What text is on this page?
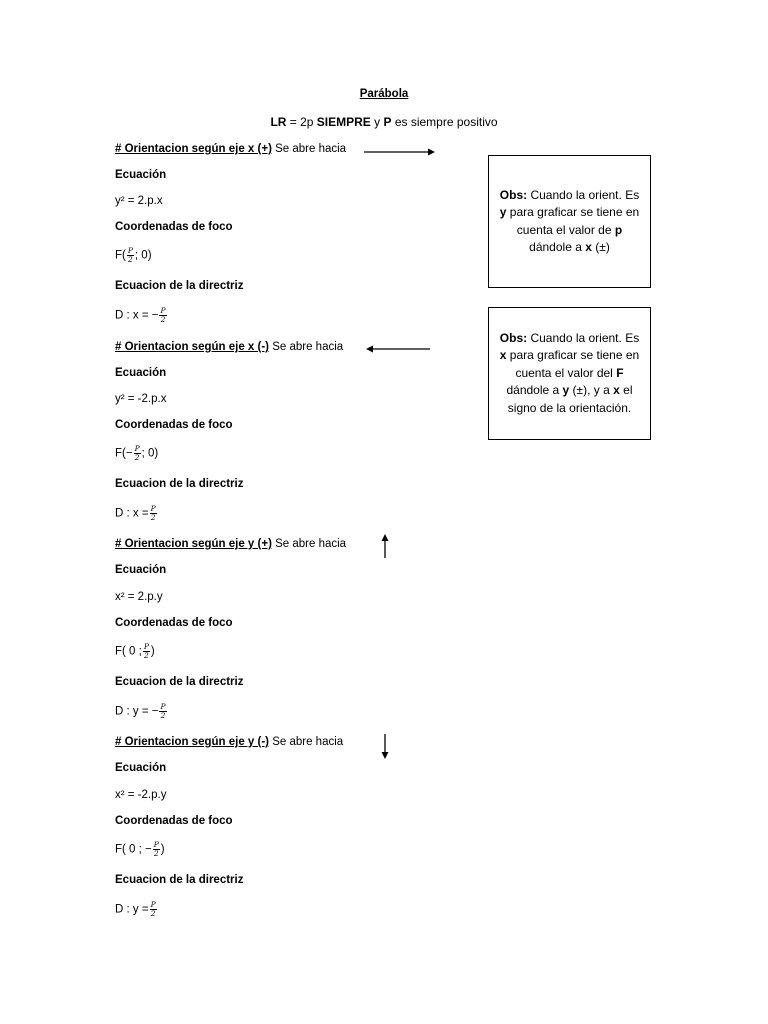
Parábola
LR = 2p SIEMPRE y P es siempre positivo
# Orientacion según eje x (+) Se abre hacia
Ecuación
y² = 2.p.x
Coordenadas de foco
$F( \frac{P}{2}$ ; 0)
Ecuacion de la directriz
D : x = − $\frac{P}{2}$
# Orientacion según eje x (-) Se abre hacia
Ecuación
y² = -2.p.x
Coordenadas de foco
$F(- \frac{P}{2}$ ; 0)
Ecuacion de la directriz
D : $x = \frac{P}{2}$
# Orientacion según eje y (+) Se abre hacia
Ecuación
x² = 2.p.y
Coordenadas de foco
F( 0 ; $\frac{P}{2}$ )
Ecuacion de la directriz
D : y = − $\frac{P}{2}$
# Orientacion según eje y (-) Se abre hacia
Ecuación
x² = -2.p.y
Coordenadas de foco
F( 0 ; − $\frac{P}{2}$ )
Ecuacion de la directriz
D : $y = \frac{P}{2}$
Obs: Cuando la orient. Es y para graficar se tiene en cuenta el valor de p dándole a x (±)
Obs: Cuando la orient. Es x para graficar se tiene en cuenta el valor del F dándole a y (±), y a x el signo de la orientación.
